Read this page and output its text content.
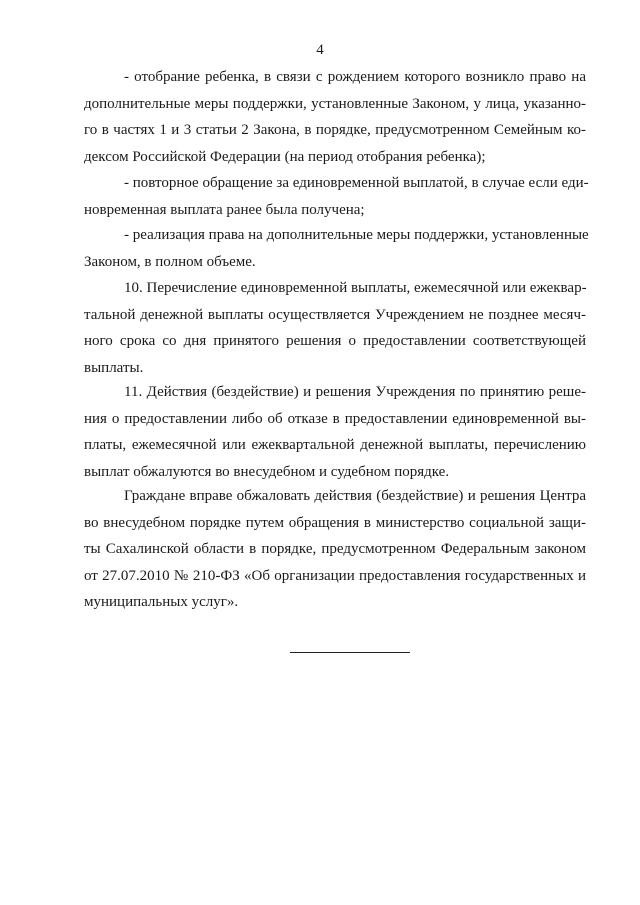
4
- отобрание ребенка, в связи с рождением которого возникло право на
дополнительные меры поддержки, установленные Законом, у лица, указанно-
го в частях 1 и 3 статьи 2 Закона, в порядке, предусмотренном Семейным ко-
дексом Российской Федерации (на период отобрания ребенка);
- повторное обращение за единовременной выплатой, в случае если еди-
новременная выплата ранее была получена;
- реализация права на дополнительные меры поддержки, установленные
Законом, в полном объеме.
10. Перечисление единовременной выплаты, ежемесячной или ежеквар-
тальной денежной выплаты осуществляется Учреждением не позднее месяч-
ного срока со дня принятого решения о предоставлении соответствующей
выплаты.
11. Действия (бездействие) и решения Учреждения по принятию реше-
ния о предоставлении либо об отказе в предоставлении единовременной вы-
платы, ежемесячной или ежеквартальной денежной выплаты, перечислению
выплат обжалуются во внесудебном и судебном порядке.
Граждане вправе обжаловать действия (бездействие) и решения Центра
во внесудебном порядке путем обращения в министерство социальной защи-
ты Сахалинской области в порядке, предусмотренном Федеральным законом
от 27.07.2010 № 210-ФЗ «Об организации предоставления государственных и
муниципальных услуг».
